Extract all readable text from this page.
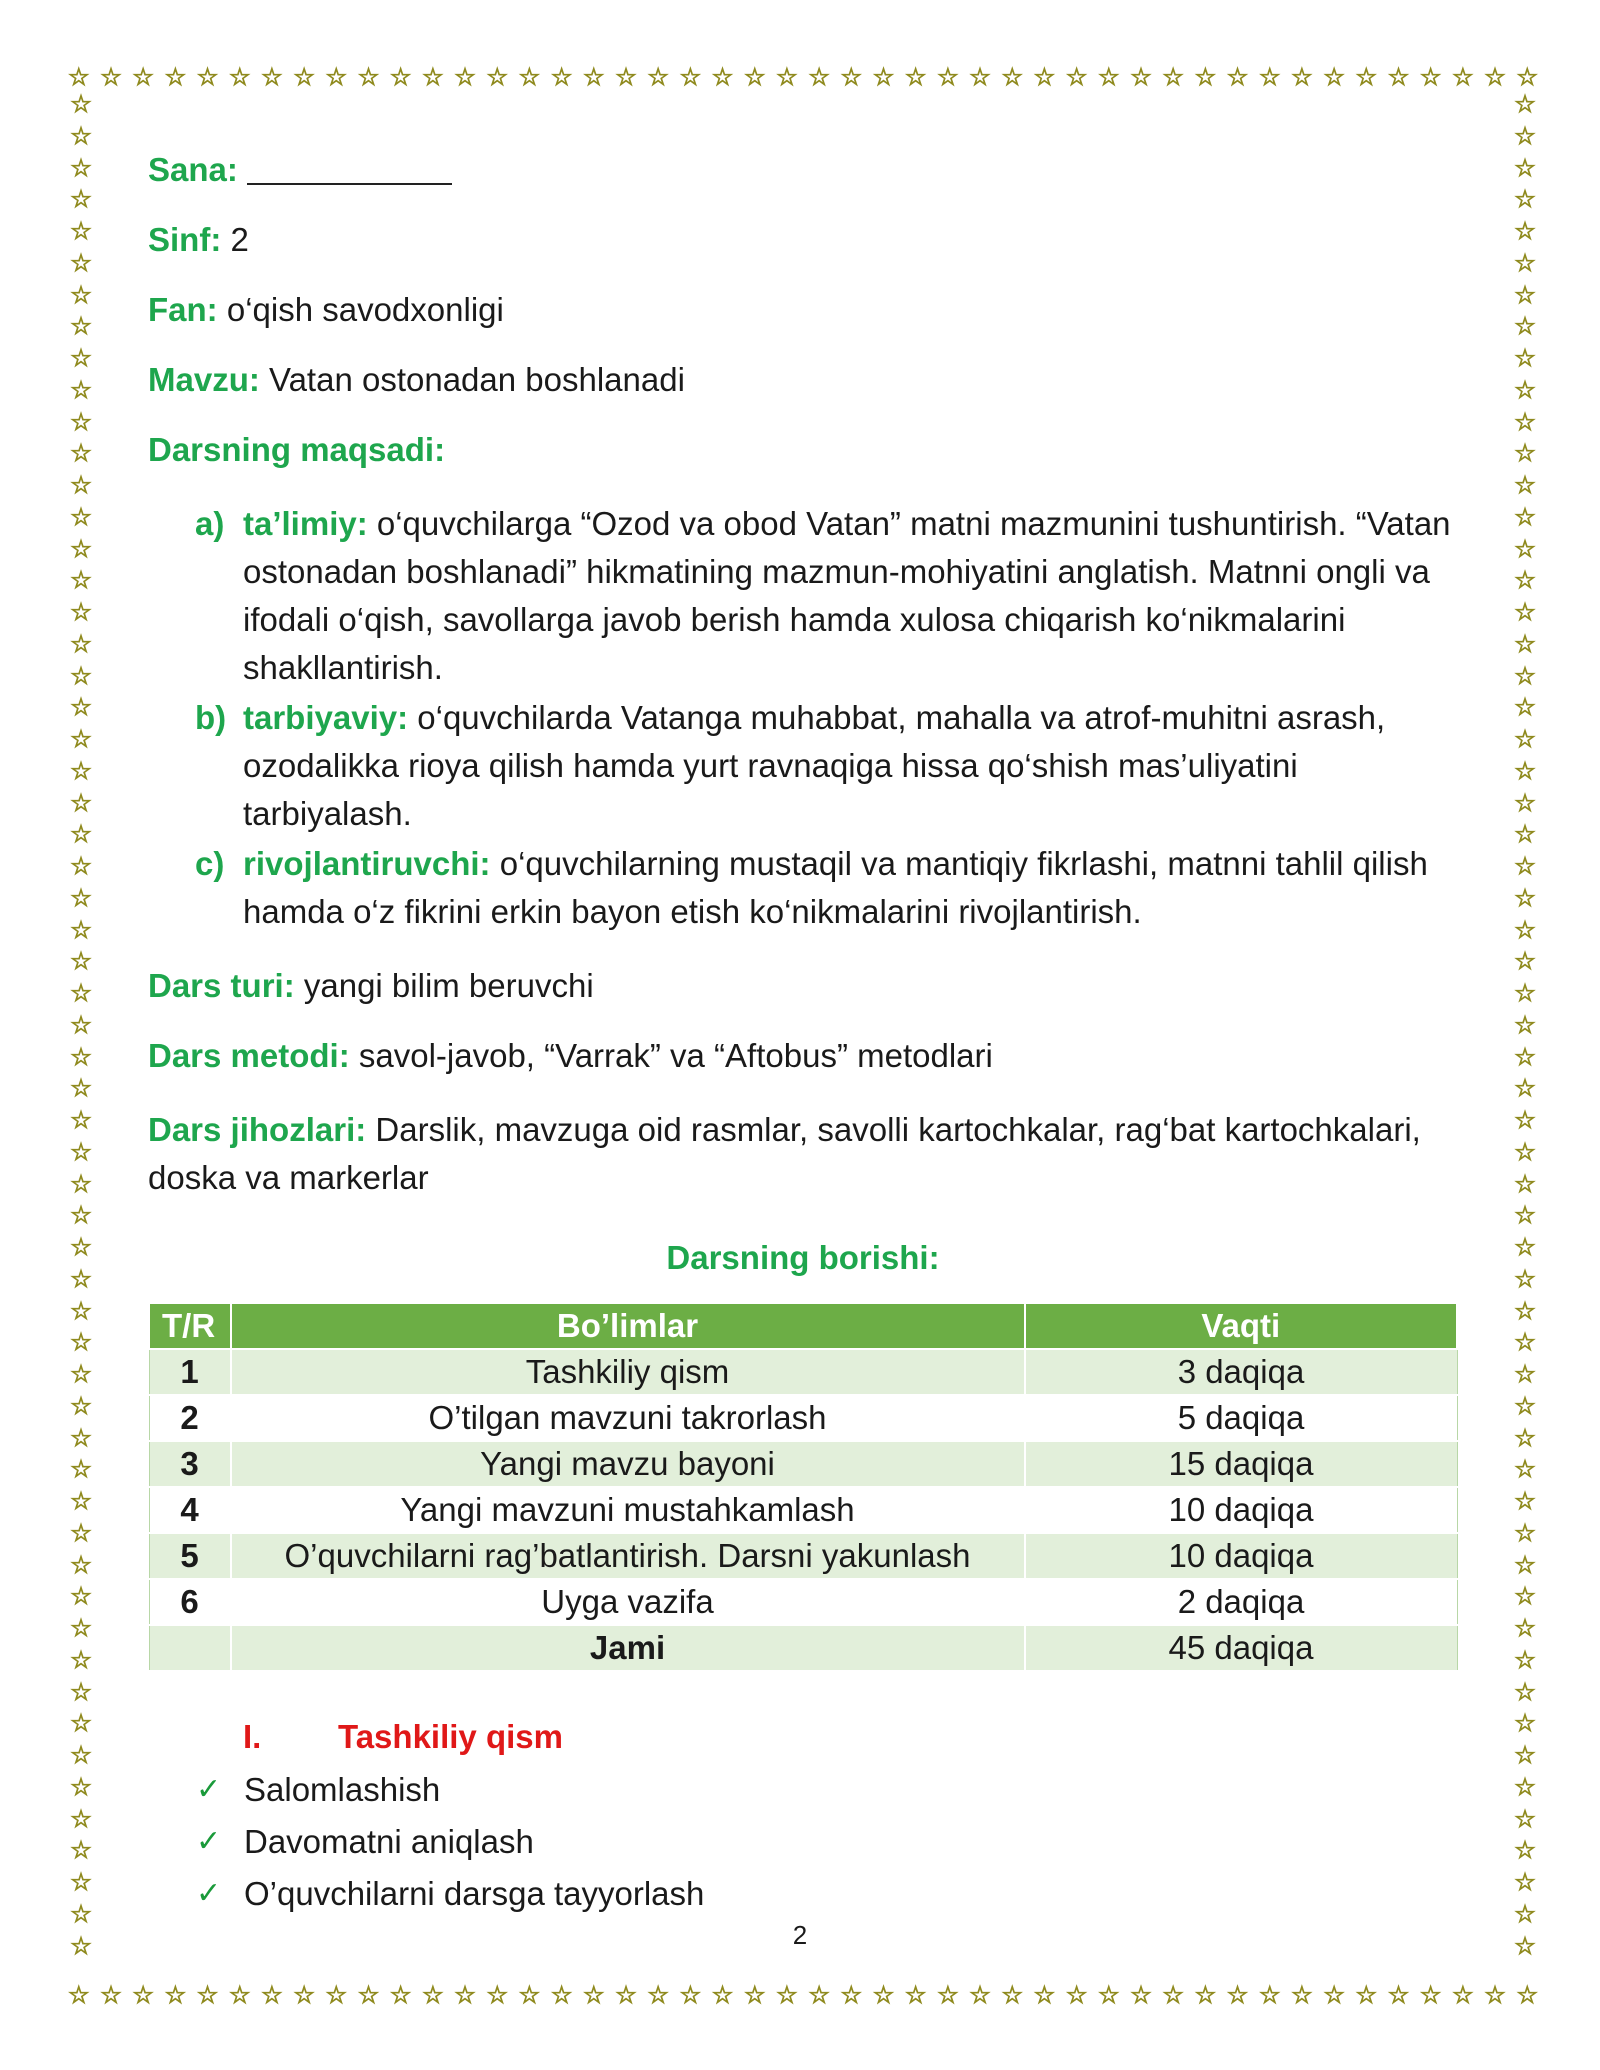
☆ ☆ ☆ ☆ ☆ ☆ ☆ ☆ ☆ ☆ ☆ ☆ ☆ ☆ ☆ ☆ ☆ ☆ ☆ ☆ ☆ ☆ ☆ ☆ ☆ ☆ ☆ ☆ ☆ ☆ ☆ ☆ ☆ ☆ ☆ ☆ ☆ ☆ ☆ ☆ ☆ ☆ ☆ ☆ ☆ ☆
☆ ☆ ☆ ☆ ☆ ☆ ☆ ☆ ☆ ☆ ☆ ☆ ☆ ☆ ☆ ☆ ☆ ☆ ☆ ☆ ☆ ☆ ☆ ☆ ☆ ☆ ☆ ☆ ☆ ☆ ☆ ☆ ☆ ☆ ☆ ☆ ☆ ☆ ☆ ☆ ☆ ☆ ☆ ☆ ☆ ☆
☆
☆
☆
☆
☆
☆
☆
☆
☆
☆
☆
☆
☆
☆
☆
☆
☆
☆
☆
☆
☆
☆
☆
☆
☆
☆
☆
☆
☆
☆
☆
☆
☆
☆
☆
☆
☆
☆
☆
☆
☆
☆
☆
☆
☆
☆
☆
☆
☆
☆
☆
☆
☆
☆
☆
☆
☆
☆
☆
☆
☆
☆
☆
☆
☆
☆
☆
☆
☆
☆
☆
☆
☆
☆
☆
☆
☆
☆
☆
☆
☆
☆
☆
☆
☆
☆
☆
☆
☆
☆
☆
☆
☆
☆
☆
☆
☆
☆
☆
☆
☆
☆
☆
☆
☆
☆
☆
☆
☆
☆
☆
☆
☆
☆
☆
☆
☆
☆

Sana:

Sinf: 2

Fan: o‘qish savodxonligi

Mavzu: Vatan ostonadan boshlanadi

Darsning maqsadi:

a) ta’limiy: o‘quvchilarga “Ozod va obod Vatan” matni mazmunini tushuntirish. “Vatan ostonadan boshlanadi” hikmatining mazmun-mohiyatini anglatish. Matnni ongli va ifodali o‘qish, savollarga javob berish hamda xulosa chiqarish ko‘nikmalarini shakllantirish.
b) tarbiyaviy: o‘quvchilarda Vatanga muhabbat, mahalla va atrof-muhitni asrash, ozodalikka rioya qilish hamda yurt ravnaqiga hissa qo‘shish mas’uliyatini tarbiyalash.
c) rivojlantiruvchi: o‘quvchilarning mustaqil va mantiqiy fikrlashi, matnni tahlil qilish hamda o‘z fikrini erkin bayon etish ko‘nikmalarini rivojlantirish.

Dars turi: yangi bilim beruvchi

Dars metodi: savol-javob, “Varrak” va “Aftobus” metodlari

Dars jihozlari: Darslik, mavzuga oid rasmlar, savolli kartochkalar, rag‘bat kartochkalari, doska va markerlar

Darsning borishi:
T/R	Bo’limlar	Vaqti
1	Tashkiliy qism	3 daqiqa
2	O’tilgan mavzuni takrorlash	5 daqiqa
3	Yangi mavzu bayoni	15 daqiqa
4	Yangi mavzuni mustahkamlash	10 daqiqa
5	O’quvchilarni rag’batlantirish. Darsni yakunlash	10 daqiqa
6	Uyga vazifa	2 daqiqa
	Jami	45 daqiqa
I.	Tashkiliy qism
✓ Salomlashish
✓ Davomatni aniqlash
✓ O’quvchilarni darsga tayyorlash
2
